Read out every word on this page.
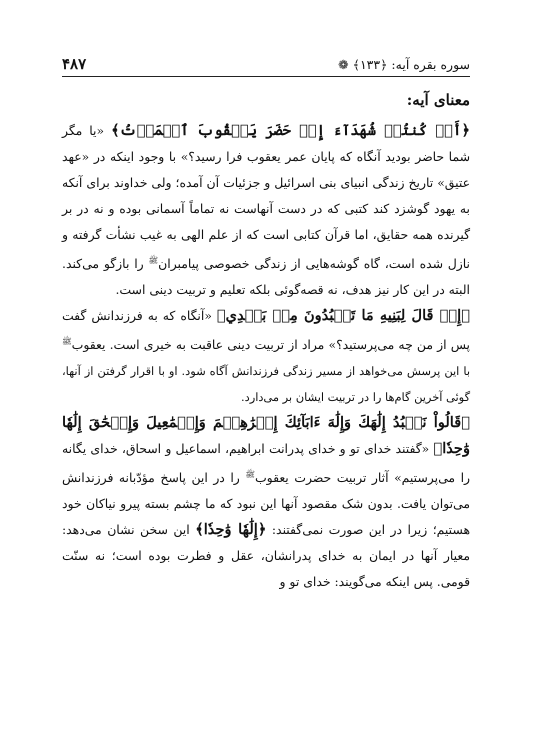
سوره بقره آیه: ﴿۱۳۳﴾ ❁
۴۸۷
معنای آیه:

﴿أَمۡ كُنتُمۡ شُهَدَآءَ إِذۡ حَضَرَ يَعۡقُوبَ ٱلۡمَوۡتُ﴾ «یا مگر شما حاضر بودید آنگاه که پایان عمر یعقوب فرا رسید؟» با وجود اینکه در «عهد عتیق» تاریخ زندگی انبیای بنی اسرائیل و جزئیات آن آمده؛ ولی خداوند برای آنکه به یهود گوشزد کند کتبی که در دست آنهاست نه تماماً آسمانی بوده و نه در بر گیرنده همه حقایق، اما قرآن کتابی است که از علم الهی به غیب نشأت گرفته و نازل شده است، گاه گوشه‌هایی از زندگی خصوصی پیامبران$^ﷺ$ را بازگو می‌کند. البته در این کار نیز هدف، نه قصه‌گوئی بلکه تعلیم و تربیت دینی است.

﴿إِذۡ قَالَ لِبَنِيهِ مَا تَعۡبُدُونَ مِنۢ بَعۡدِي﴾ «آنگاه که به فرزندانش گفت پس از من چه می‌پرستید؟» مراد از تربیت دینی عاقبت به خیری است. یعقوب$^ﷺ$ با این پرسش می‌خواهد از مسیر زندگی فرزندانش آگاه شود. او با اقرار گرفتن از آنها، گوئی آخرین گام‌ها را در تربیت ایشان بر می‌دارد.

﴿قَالُواْ نَعۡبُدُ إِلَٰهَكَ وَإِلَٰهَ ءَابَآئِكَ إِبۡرَٰهِـۧمَ وَإِسۡمَٰعِيلَ وَإِسۡحَٰقَ إِلَٰهٗا وَٰحِدٗا﴾ «گفتند خدای تو و خدای پدرانت ابراهیم، اسماعیل و اسحاق، خدای یگانه را می‌پرستیم» آثار تربیت حضرت یعقوب$^ﷺ$ را در این پاسخ مؤدّبانه فرزندانش می‌توان یافت. بدون شک مقصود آنها این نبود که ما چشم بسته پیرو نیاکان خود هستیم؛ زیرا در این صورت نمی‌گفتند: ﴿إِلَٰهٗا وَٰحِدٗا﴾ این سخن نشان می‌دهد: معیار آنها در ایمان به خدای پدرانشان، عقل و فطرت بوده است؛ نه سنّت قومی. پس اینکه می‌گویند: خدای تو و
